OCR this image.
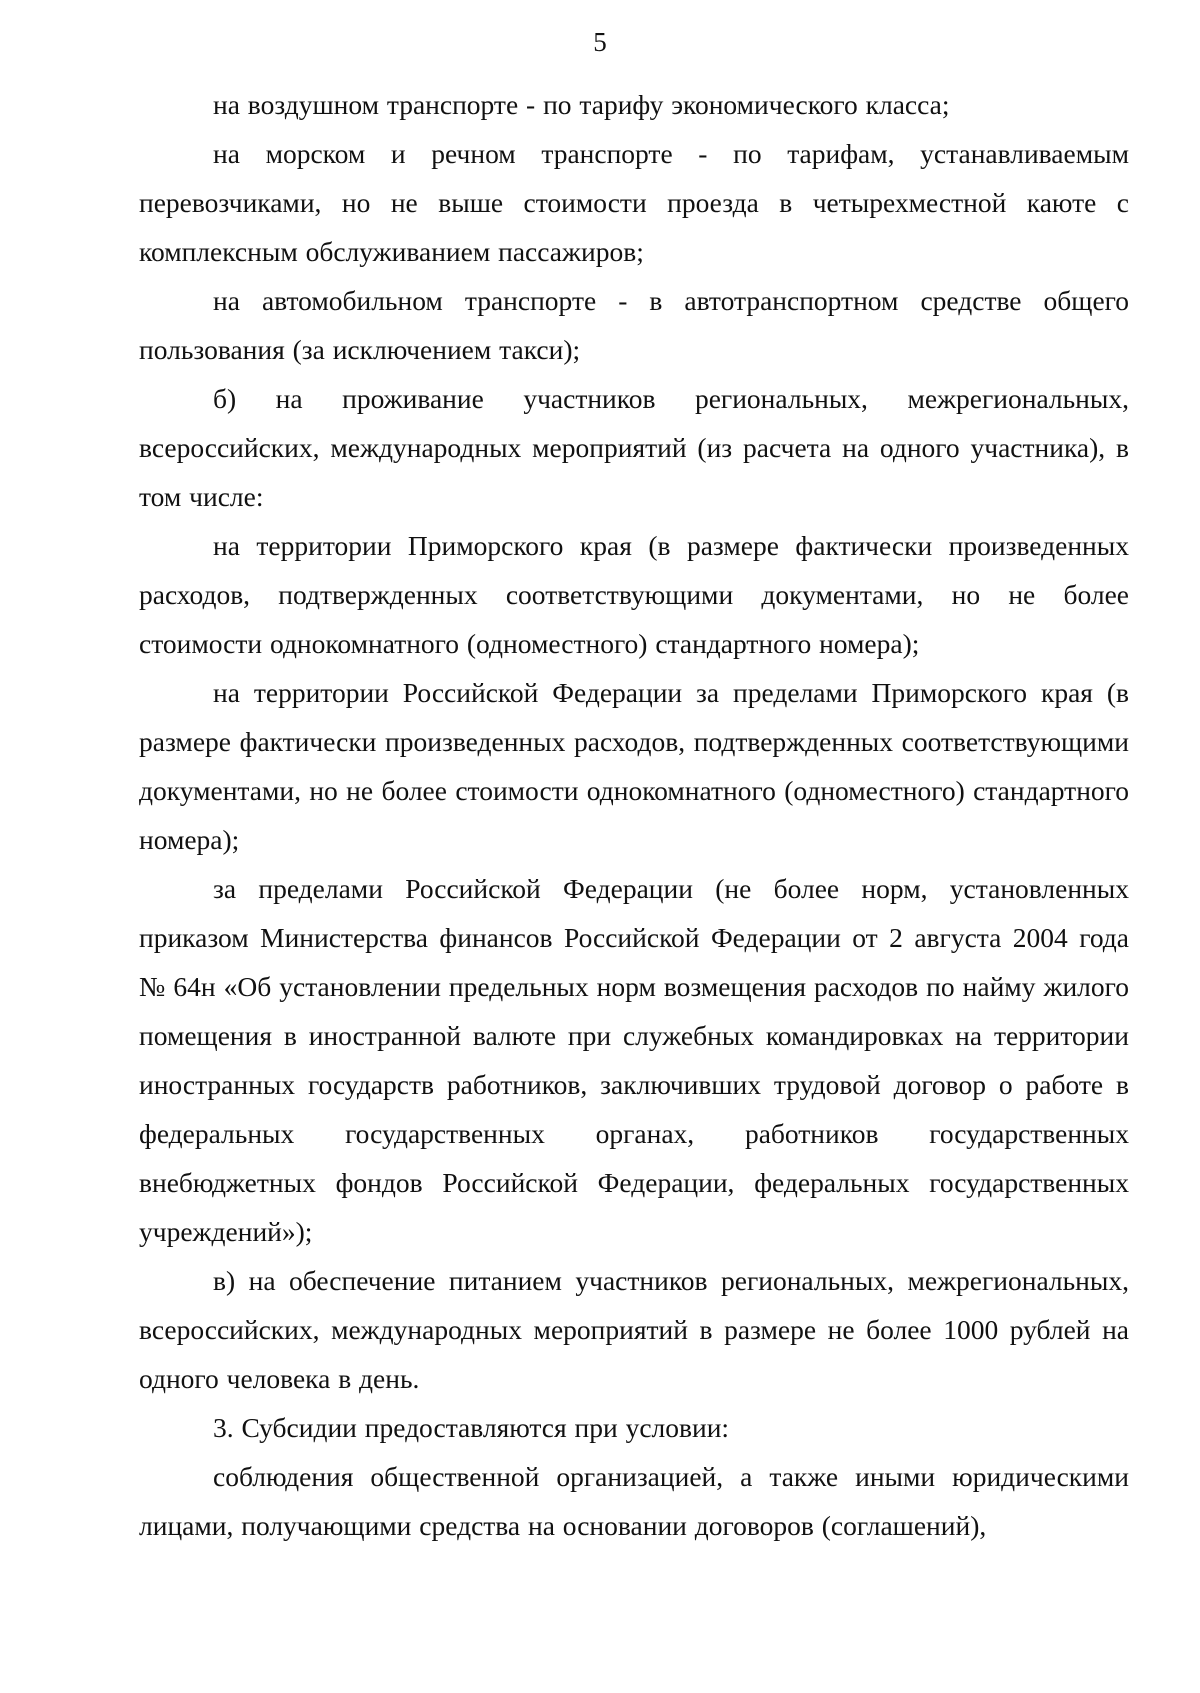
5

на воздушном транспорте - по тарифу экономического класса;

на морском и речном транспорте - по тарифам, устанавливаемым перевозчиками, но не выше стоимости проезда в четырехместной каюте с комплексным обслуживанием пассажиров;

на автомобильном транспорте - в автотранспортном средстве общего пользования (за исключением такси);

б) на проживание участников региональных, межрегиональных, всероссийских, международных мероприятий (из расчета на одного участника), в том числе:

на территории Приморского края (в размере фактически произведенных расходов, подтвержденных соответствующими документами, но не более стоимости однокомнатного (одноместного) стандартного номера);

на территории Российской Федерации за пределами Приморского края (в размере фактически произведенных расходов, подтвержденных соответствующими документами, но не более стоимости однокомнатного (одноместного) стандартного номера);

за пределами Российской Федерации (не более норм, установленных приказом Министерства финансов Российской Федерации от 2 августа 2004 года № 64н «Об установлении предельных норм возмещения расходов по найму жилого помещения в иностранной валюте при служебных командировках на территории иностранных государств работников, заключивших трудовой договор о работе в федеральных государственных органах, работников государственных внебюджетных фондов Российской Федерации, федеральных государственных учреждений»);

в) на обеспечение питанием участников региональных, межрегиональных, всероссийских, международных мероприятий в размере не более 1000 рублей на одного человека в день.

3. Субсидии предоставляются при условии:

соблюдения общественной организацией, а также иными юридическими лицами, получающими средства на основании договоров (соглашений),
